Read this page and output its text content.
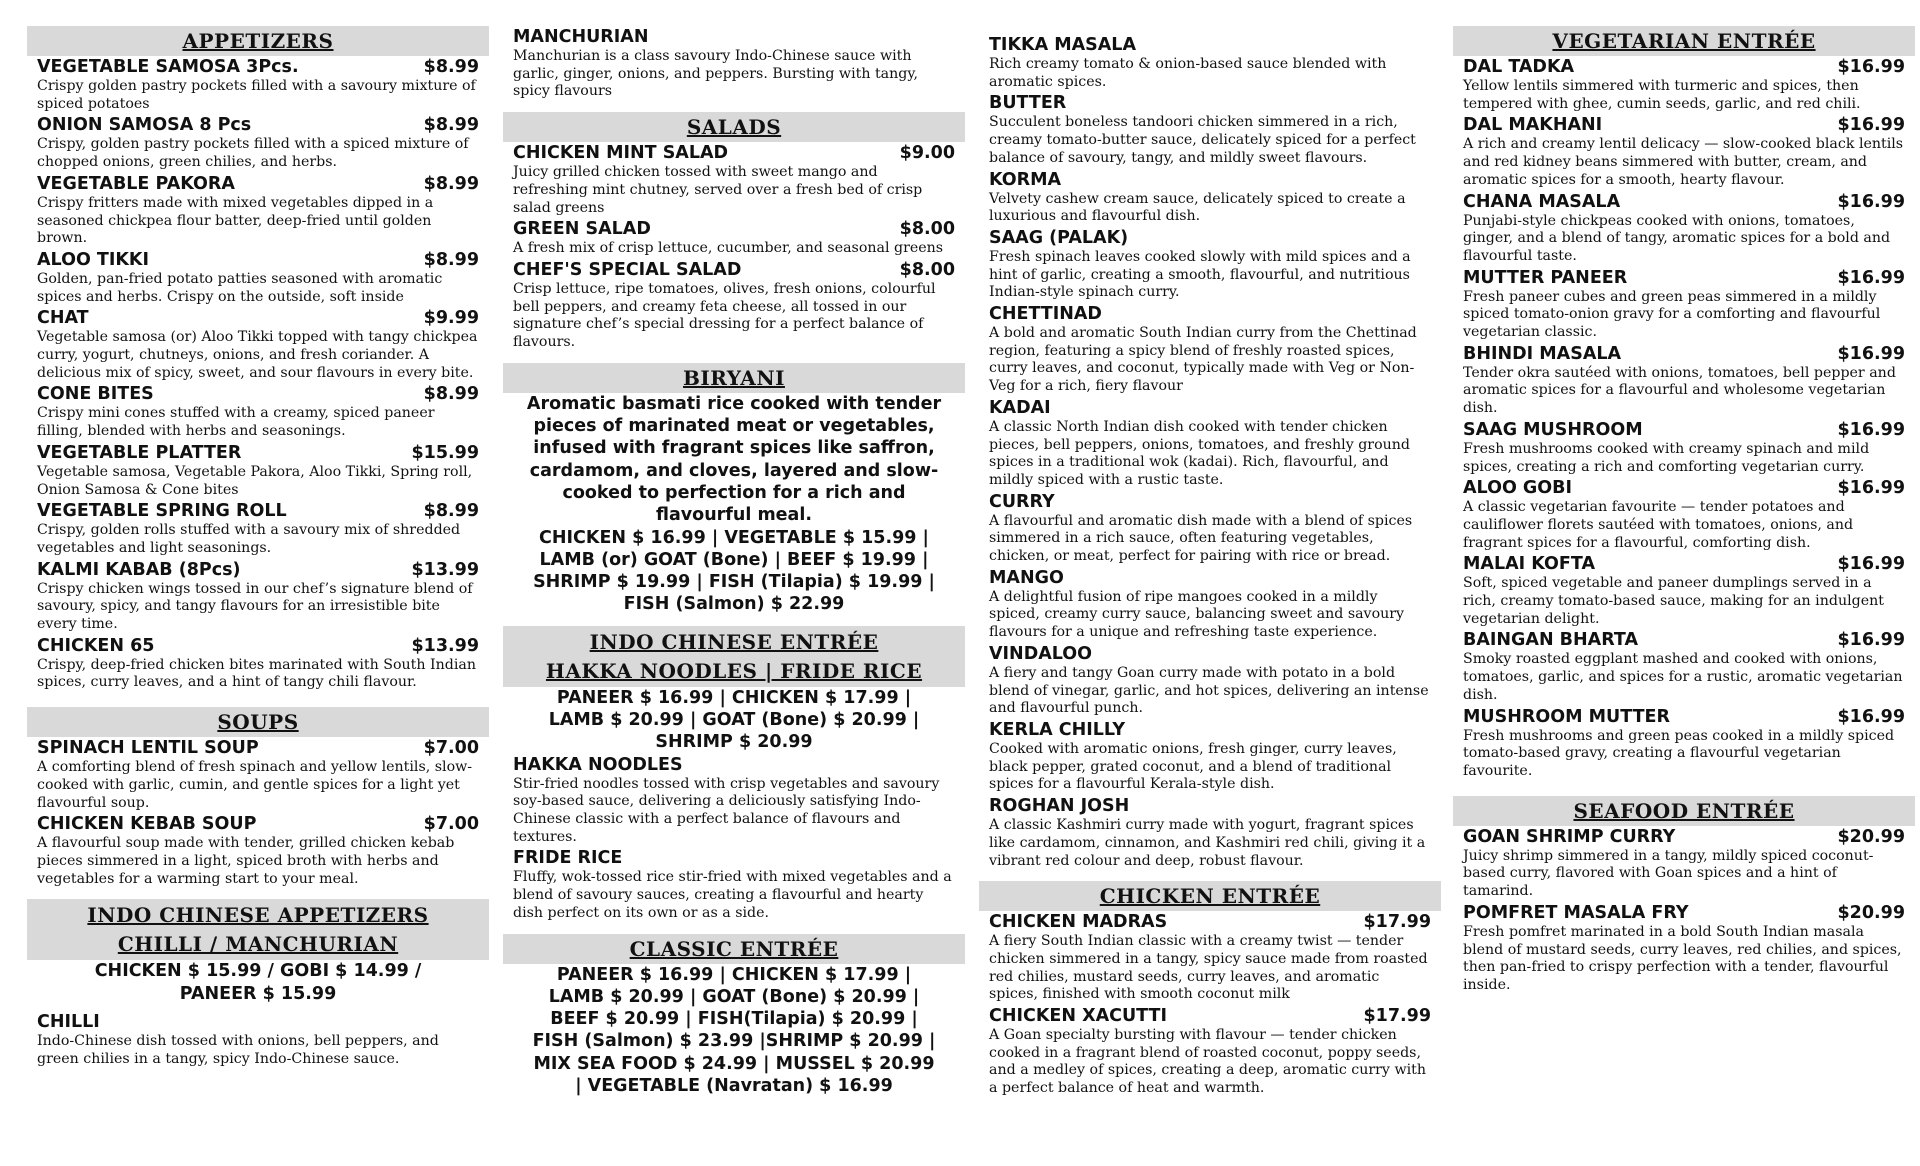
APPETIZERS
VEGETABLE SAMOSA 3Pcs.	$8.99
Crispy golden pastry pockets filled with a savoury mixture of spiced potatoes
ONION SAMOSA 8 Pcs	$8.99
Crispy, golden pastry pockets filled with a spiced mixture of chopped onions, green chilies, and herbs.
VEGETABLE PAKORA	$8.99
Crispy fritters made with mixed vegetables dipped in a seasoned chickpea flour batter, deep-fried until golden brown.
ALOO TIKKI	$8.99
Golden, pan-fried potato patties seasoned with aromatic spices and herbs. Crispy on the outside, soft inside
CHAT	$9.99
Vegetable samosa (or) Aloo Tikki topped with tangy chickpea curry, yogurt, chutneys, onions, and fresh coriander. A delicious mix of spicy, sweet, and sour flavours in every bite.
CONE BITES	$8.99
Crispy mini cones stuffed with a creamy, spiced paneer filling, blended with herbs and seasonings.
VEGETABLE PLATTER	$15.99
Vegetable samosa, Vegetable Pakora, Aloo Tikki, Spring roll, Onion Samosa & Cone bites
VEGETABLE SPRING ROLL	$8.99
Crispy, golden rolls stuffed with a savoury mix of shredded vegetables and light seasonings.
KALMI KABAB (8Pcs)	$13.99
Crispy chicken wings tossed in our chef’s signature blend of savoury, spicy, and tangy flavours for an irresistible bite every time.
CHICKEN 65	$13.99
Crispy, deep-fried chicken bites marinated with South Indian spices, curry leaves, and a hint of tangy chili flavour.
SOUPS
SPINACH LENTIL SOUP	$7.00
A comforting blend of fresh spinach and yellow lentils, slow-cooked with garlic, cumin, and gentle spices for a light yet flavourful soup.
CHICKEN KEBAB SOUP	$7.00
A flavourful soup made with tender, grilled chicken kebab pieces simmered in a light, spiced broth with herbs and vegetables for a warming start to your meal.
INDO CHINESE APPETIZERS
CHILLI / MANCHURIAN
CHICKEN $ 15.99 / GOBI $ 14.99 /
PANEER $ 15.99
CHILLI
Indo-Chinese dish tossed with onions, bell peppers, and green chilies in a tangy, spicy Indo-Chinese sauce.
MANCHURIAN
Manchurian is a class savoury Indo-Chinese sauce with garlic, ginger, onions, and peppers. Bursting with tangy, spicy flavours
SALADS
CHICKEN MINT SALAD	$9.00
Juicy grilled chicken tossed with sweet mango and refreshing mint chutney, served over a fresh bed of crisp salad greens
GREEN SALAD	$8.00
A fresh mix of crisp lettuce, cucumber, and seasonal greens
CHEF'S SPECIAL SALAD	$8.00
Crisp lettuce, ripe tomatoes, olives, fresh onions, colourful bell peppers, and creamy feta cheese, all tossed in our signature chef’s special dressing for a perfect balance of flavours.
BIRYANI
Aromatic basmati rice cooked with tender
pieces of marinated meat or vegetables,
infused with fragrant spices like saffron,
cardamom, and cloves, layered and slow-
cooked to perfection for a rich and
flavourful meal.
CHICKEN $ 16.99 | VEGETABLE $ 15.99 |
LAMB (or) GOAT (Bone) | BEEF $ 19.99 |
SHRIMP $ 19.99 | FISH (Tilapia) $ 19.99 |
FISH (Salmon) $ 22.99
INDO CHINESE ENTRÉE
HAKKA NOODLES | FRIDE RICE
PANEER $ 16.99 | CHICKEN $ 17.99 |
LAMB $ 20.99 | GOAT (Bone) $ 20.99 |
SHRIMP $ 20.99
HAKKA NOODLES
Stir-fried noodles tossed with crisp vegetables and savoury soy-based sauce, delivering a deliciously satisfying Indo-Chinese classic with a perfect balance of flavours and textures.
FRIDE RICE
Fluffy, wok-tossed rice stir-fried with mixed vegetables and a blend of savoury sauces, creating a flavourful and hearty dish perfect on its own or as a side.
CLASSIC ENTRÉE
PANEER $ 16.99 | CHICKEN $ 17.99 |
LAMB $ 20.99 | GOAT (Bone) $ 20.99 |
BEEF $ 20.99 | FISH(Tilapia) $ 20.99 |
FISH (Salmon) $ 23.99 |SHRIMP $ 20.99 |
MIX SEA FOOD $ 24.99 | MUSSEL $ 20.99
| VEGETABLE (Navratan) $ 16.99
TIKKA MASALA
Rich creamy tomato & onion-based sauce blended with aromatic spices.
BUTTER
Succulent boneless tandoori chicken simmered in a rich, creamy tomato-butter sauce, delicately spiced for a perfect balance of savoury, tangy, and mildly sweet flavours.
KORMA
Velvety cashew cream sauce, delicately spiced to create a luxurious and flavourful dish.
SAAG (PALAK)
Fresh spinach leaves cooked slowly with mild spices and a hint of garlic, creating a smooth, flavourful, and nutritious Indian-style spinach curry.
CHETTINAD
A bold and aromatic South Indian curry from the Chettinad region, featuring a spicy blend of freshly roasted spices, curry leaves, and coconut, typically made with Veg or Non-Veg for a rich, fiery flavour
KADAI
A classic North Indian dish cooked with tender chicken pieces, bell peppers, onions, tomatoes, and freshly ground spices in a traditional wok (kadai). Rich, flavourful, and mildly spiced with a rustic taste.
CURRY
A flavourful and aromatic dish made with a blend of spices simmered in a rich sauce, often featuring vegetables, chicken, or meat, perfect for pairing with rice or bread.
MANGO
A delightful fusion of ripe mangoes cooked in a mildly spiced, creamy curry sauce, balancing sweet and savoury flavours for a unique and refreshing taste experience.
VINDALOO
A fiery and tangy Goan curry made with potato in a bold blend of vinegar, garlic, and hot spices, delivering an intense and flavourful punch.
KERLA CHILLY
Cooked with aromatic onions, fresh ginger, curry leaves, black pepper, grated coconut, and a blend of traditional spices for a flavourful Kerala-style dish.
ROGHAN JOSH
A classic Kashmiri curry made with yogurt, fragrant spices like cardamom, cinnamon, and Kashmiri red chili, giving it a vibrant red colour and deep, robust flavour.
CHICKEN ENTRÉE
CHICKEN MADRAS	$17.99
A fiery South Indian classic with a creamy twist — tender chicken simmered in a tangy, spicy sauce made from roasted red chilies, mustard seeds, curry leaves, and aromatic spices, finished with smooth coconut milk
CHICKEN XACUTTI	$17.99
A Goan specialty bursting with flavour — tender chicken cooked in a fragrant blend of roasted coconut, poppy seeds, and a medley of spices, creating a deep, aromatic curry with a perfect balance of heat and warmth.
VEGETARIAN ENTRÉE
DAL TADKA	$16.99
Yellow lentils simmered with turmeric and spices, then tempered with ghee, cumin seeds, garlic, and red chili.
DAL MAKHANI	$16.99
A rich and creamy lentil delicacy — slow-cooked black lentils and red kidney beans simmered with butter, cream, and aromatic spices for a smooth, hearty flavour.
CHANA MASALA	$16.99
Punjabi-style chickpeas cooked with onions, tomatoes, ginger, and a blend of tangy, aromatic spices for a bold and flavourful taste.
MUTTER PANEER	$16.99
Fresh paneer cubes and green peas simmered in a mildly spiced tomato-onion gravy for a comforting and flavourful vegetarian classic.
BHINDI MASALA	$16.99
Tender okra sautéed with onions, tomatoes, bell pepper and aromatic spices for a flavourful and wholesome vegetarian dish.
SAAG MUSHROOM	$16.99
Fresh mushrooms cooked with creamy spinach and mild spices, creating a rich and comforting vegetarian curry.
ALOO GOBI	$16.99
A classic vegetarian favourite — tender potatoes and cauliflower florets sautéed with tomatoes, onions, and fragrant spices for a flavourful, comforting dish.
MALAI KOFTA	$16.99
Soft, spiced vegetable and paneer dumplings served in a rich, creamy tomato-based sauce, making for an indulgent vegetarian delight.
BAINGAN BHARTA	$16.99
Smoky roasted eggplant mashed and cooked with onions, tomatoes, garlic, and spices for a rustic, aromatic vegetarian dish.
MUSHROOM MUTTER	$16.99
Fresh mushrooms and green peas cooked in a mildly spiced tomato-based gravy, creating a flavourful vegetarian favourite.
SEAFOOD ENTRÉE
GOAN SHRIMP CURRY	$20.99
Juicy shrimp simmered in a tangy, mildly spiced coconut-based curry, flavored with Goan spices and a hint of tamarind.
POMFRET MASALA FRY	$20.99
Fresh pomfret marinated in a bold South Indian masala blend of mustard seeds, curry leaves, red chilies, and spices, then pan-fried to crispy perfection with a tender, flavourful inside.
